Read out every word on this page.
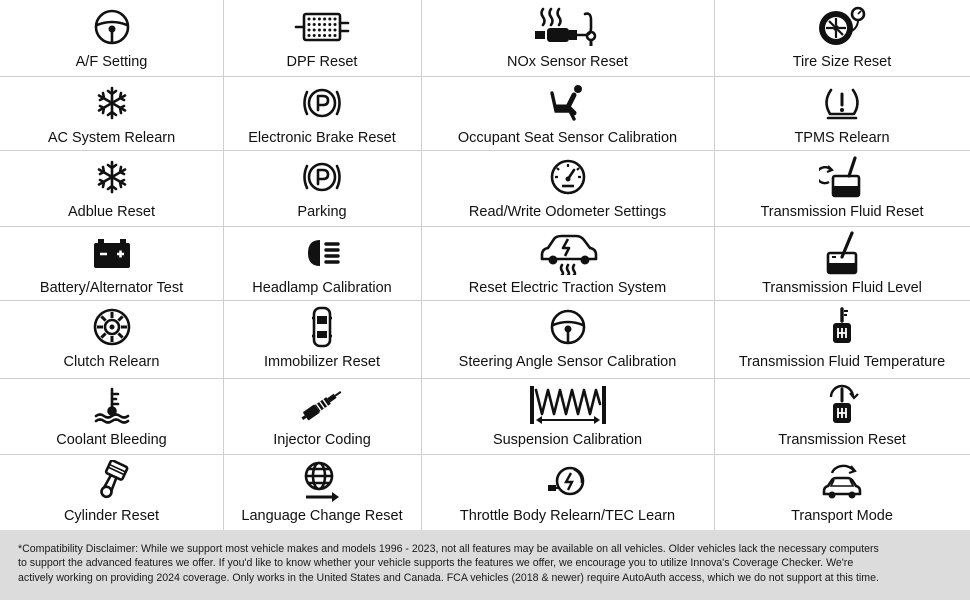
A/F Setting
AC System Relearn
Adblue Reset
Battery/Alternator Test
Clutch Relearn
Coolant Bleeding
Cylinder Reset
DPF Reset
Electronic Brake Reset
Parking
Headlamp Calibration
Immobilizer Reset
Injector Coding
Language Change Reset
NOx Sensor Reset
Occupant Seat Sensor Calibration
Read/Write Odometer Settings
Reset Electric Traction System
Steering Angle Sensor Calibration
Suspension Calibration
Throttle Body Relearn/TEC Learn
Tire Size Reset
TPMS Relearn
Transmission Fluid Reset
Transmission Fluid Level
Transmission Fluid Temperature
Transmission Reset
Transport Mode
*Compatibility Disclaimer: While we support most vehicle makes and models 1996 - 2023, not all features may be available on all vehicles. Older vehicles lack the necessary computers
to support the advanced features we offer. If you'd like to know whether your vehicle supports the features we offer, we encourage you to utilize Innova's Coverage Checker. We're
actively working on providing 2024 coverage. Only works in the United States and Canada. FCA vehicles (2018 & newer) require AutoAuth access, which we do not support at this time.
